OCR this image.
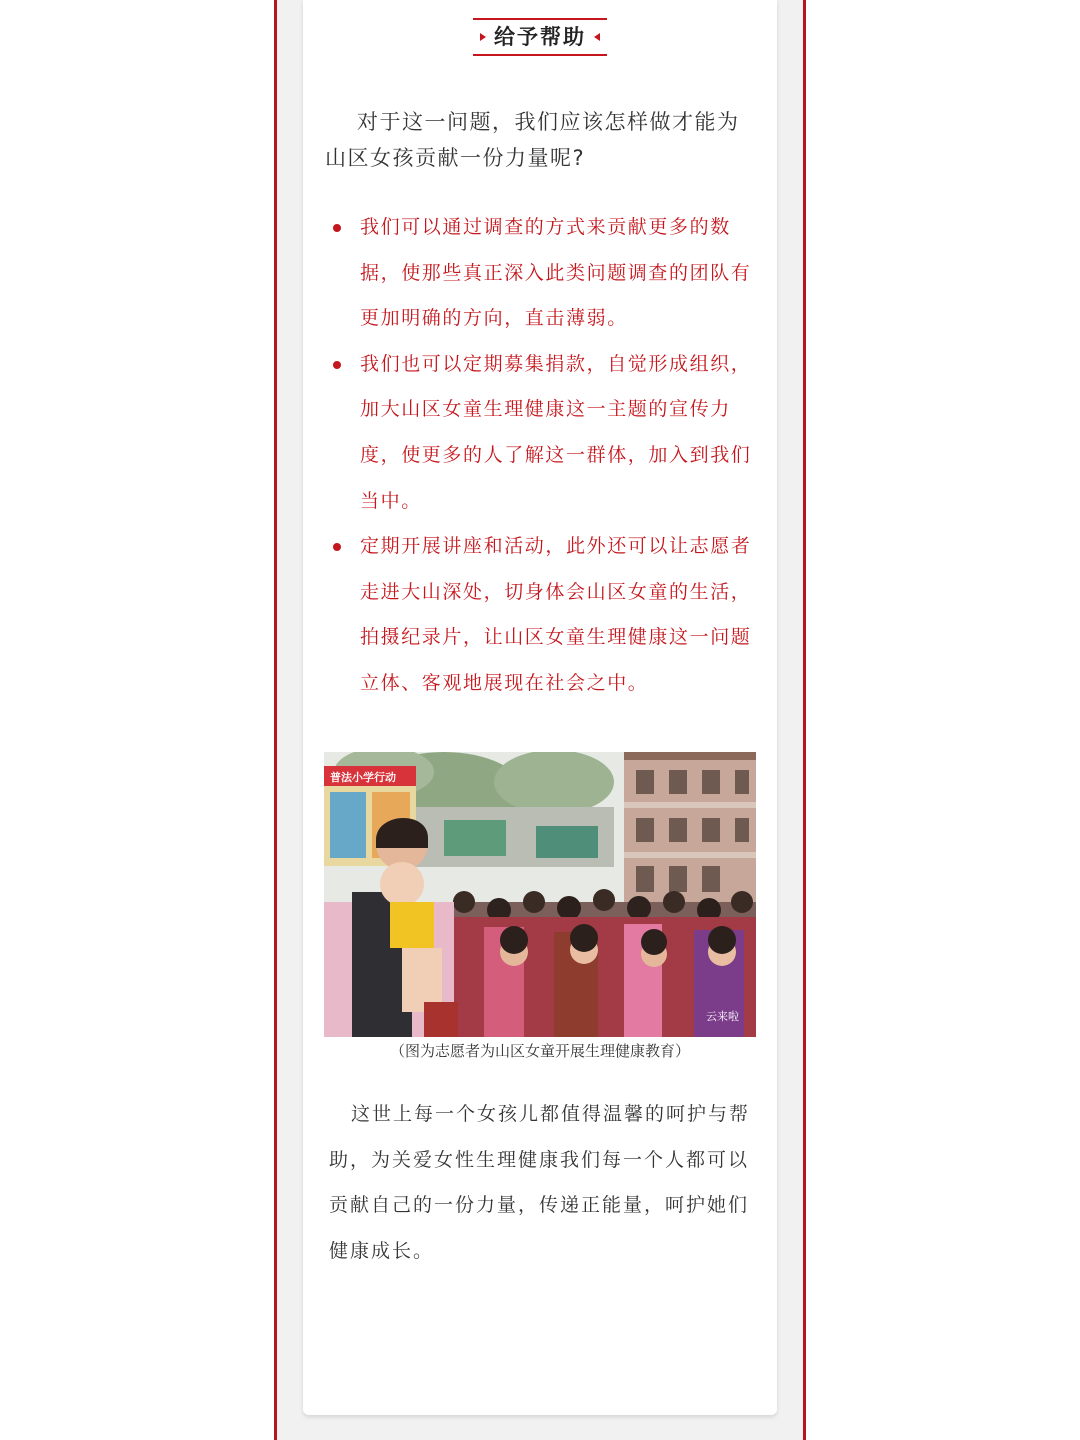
给予帮助

对于这一问题，我们应该怎样做才能为山区女孩贡献一份力量呢?

我们可以通过调查的方式来贡献更多的数据，使那些真正深入此类问题调查的团队有更加明确的方向，直击薄弱。
我们也可以定期募集捐款，自觉形成组织，加大山区女童生理健康这一主题的宣传力度，使更多的人了解这一群体，加入到我们当中。
定期开展讲座和活动，此外还可以让志愿者走进大山深处，切身体会山区女童的生活，拍摄纪录片，让山区女童生理健康这一问题立体、客观地展现在社会之中。
普法小学行动
云来啦
（图为志愿者为山区女童开展生理健康教育）

这世上每一个女孩儿都值得温馨的呵护与帮助，为关爱女性生理健康我们每一个人都可以贡献自己的一份力量，传递正能量，呵护她们健康成长。
